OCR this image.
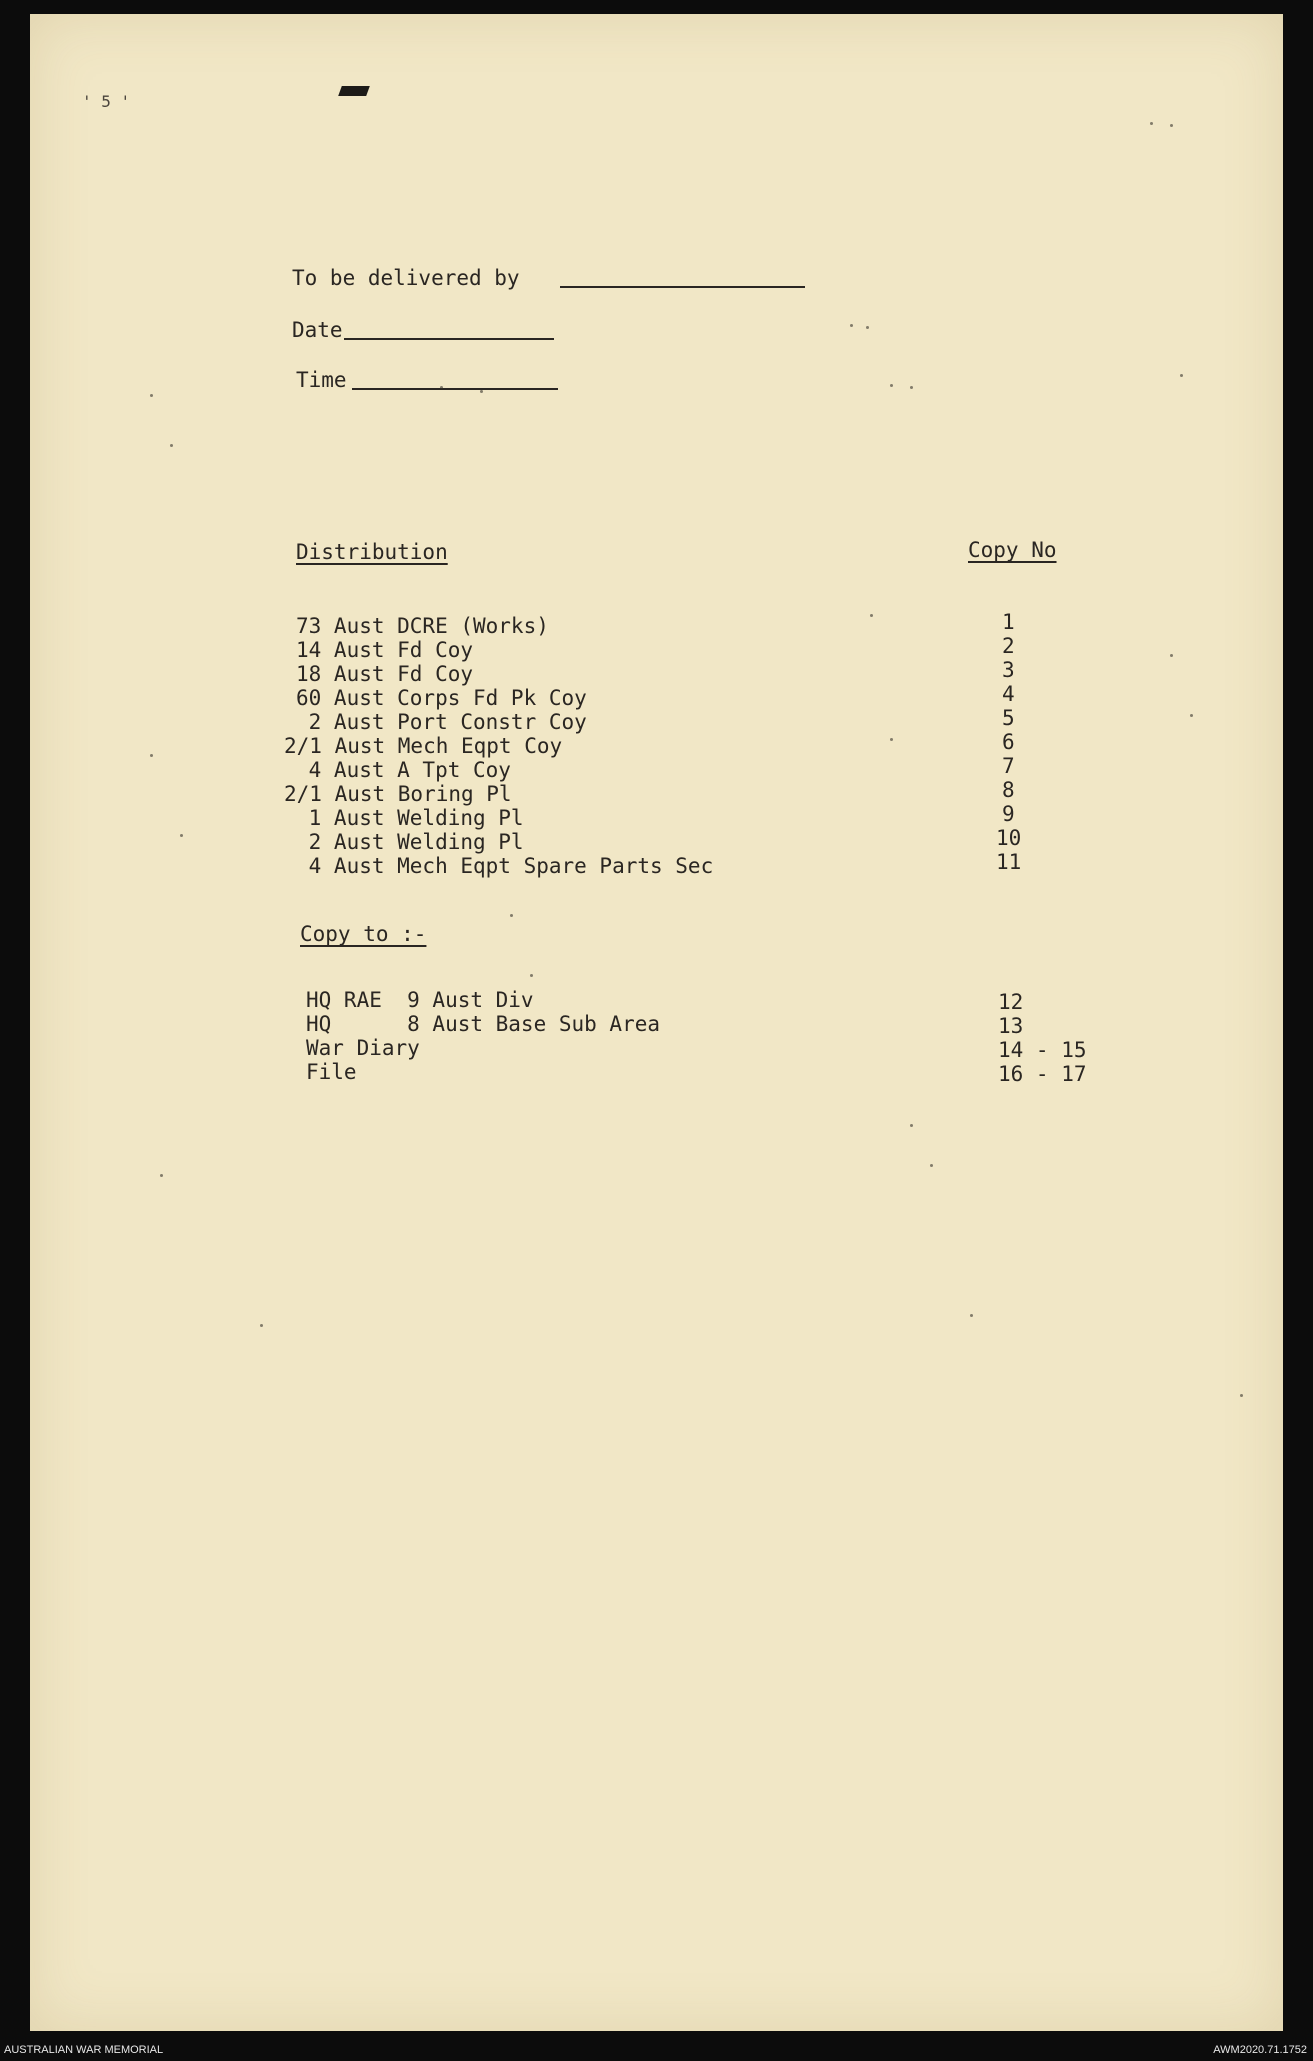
' 5 '
To be delivered by
Date
Time
Distribution	Copy No
73 Aust DCRE (Works)	1
14 Aust Fd Coy	2
18 Aust Fd Coy	3
60 Aust Corps Fd Pk Coy	4
2 Aust Port Constr Coy	5
2/1 Aust Mech Eqpt Coy	6
4 Aust A Tpt Coy	7
2/1 Aust Boring Pl	8
1 Aust Welding Pl	9
2 Aust Welding Pl	10
4 Aust Mech Eqpt Spare Parts Sec	11
Copy to :-
HQ RAE  9 Aust Div	12
HQ      8 Aust Base Sub Area	13
War Diary	14 - 15
File	16 - 17
AUSTRALIAN WAR MEMORIAL	AWM2020.71.1752
